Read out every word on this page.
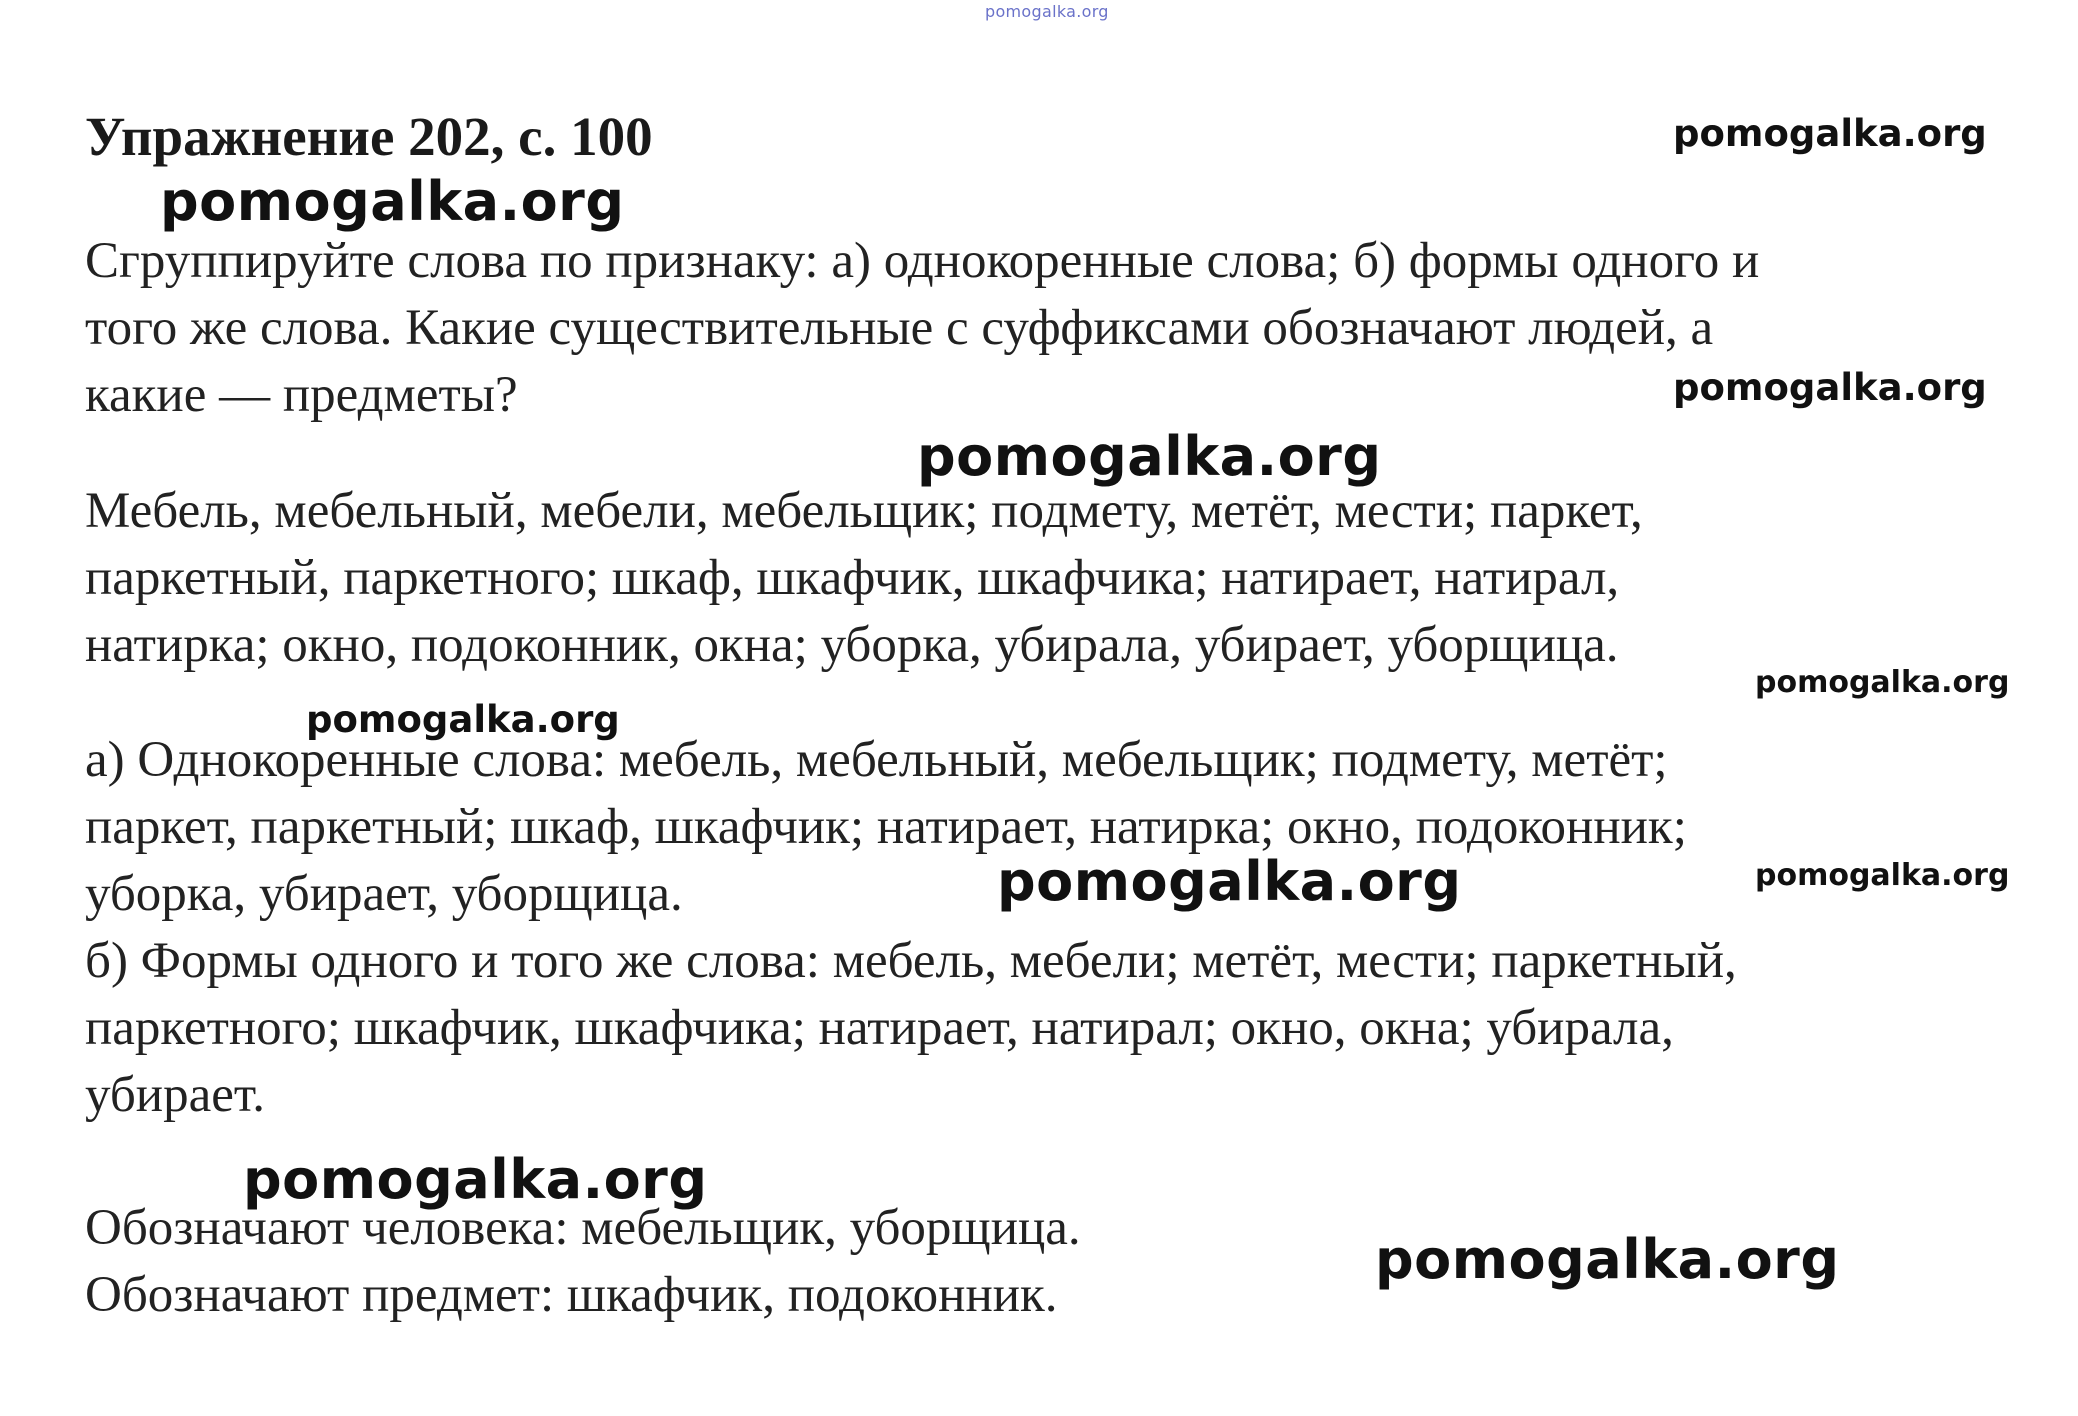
pomogalka.org
Упражнение 202, с. 100
Сгруппируйте слова по признаку: а) однокоренные слова; б) формы одного и
того же слова. Какие существительные с суффиксами обозначают людей, а
какие — предметы?
Мебель, мебельный, мебели, мебельщик; подмету, метёт, мести; паркет,
паркетный, паркетного; шкаф, шкафчик, шкафчика; натирает, натирал,
натирка; окно, подоконник, окна; уборка, убирала, убирает, уборщица.
а) Однокоренные слова: мебель, мебельный, мебельщик; подмету, метёт;
паркет, паркетный; шкаф, шкафчик; натирает, натирка; окно, подоконник;
уборка, убирает, уборщица.
б) Формы одного и того же слова: мебель, мебели; метёт, мести; паркетный,
паркетного; шкафчик, шкафчика; натирает, натирал; окно, окна; убирала,
убирает.
Обозначают человека: мебельщик, уборщица.
Обозначают предмет: шкафчик, подоконник.
pomogalka.org
pomogalka.org
pomogalka.org
pomogalka.org
pomogalka.org
pomogalka.org
pomogalka.org	pomogalka.org
pomogalka.org
pomogalka.org
